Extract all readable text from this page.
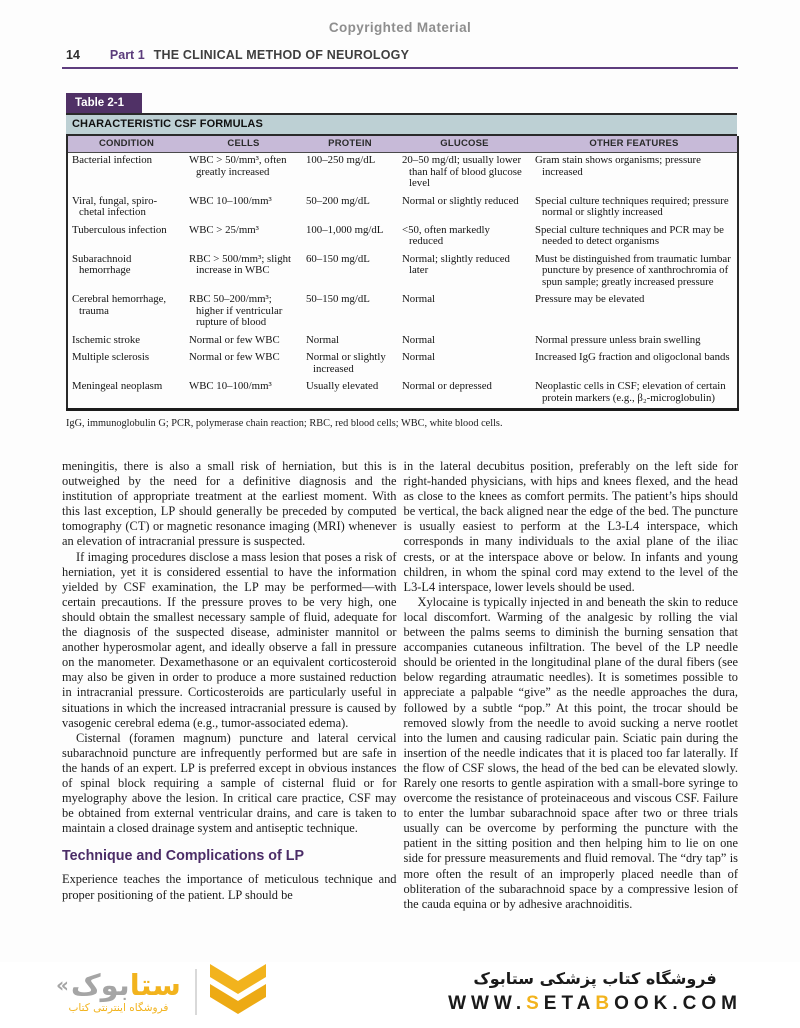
Copyrighted Material
14 Part 1 THE CLINICAL METHOD OF NEUROLOGY
Table 2-1
CHARACTERISTIC CSF FORMULAS
CONDITION	CELLS	PROTEIN	GLUCOSE	OTHER FEATURES

Bacterial infection	WBC > 50/mm³, often greatly increased	100–250 mg/dL	20–50 mg/dl; usually lower than half of blood glucose level	Gram stain shows organisms; pressure increased

Viral, fungal, spirochetal infection	WBC 10–100/mm³	50–200 mg/dL	Normal or slightly reduced	Special culture techniques required; pressure normal or slightly increased

Tuberculous infection	WBC > 25/mm³	100–1,000 mg/dL	<50, often markedly reduced	Special culture techniques and PCR may be needed to detect organisms

Subarachnoid hemorrhage	RBC > 500/mm³; slight increase in WBC	60–150 mg/dL	Normal; slightly reduced later	Must be distinguished from traumatic lumbar puncture by presence of xanthrochromia of spun sample; greatly increased pressure

Cerebral hemorrhage, trauma	RBC 50–200/mm³; higher if ventricular rupture of blood	50–150 mg/dL	Normal	Pressure may be elevated

Ischemic stroke	Normal or few WBC	Normal	Normal	Normal pressure unless brain swelling

Multiple sclerosis	Normal or few WBC	Normal or slightly increased	Normal	Increased IgG fraction and oligoclonal bands

Meningeal neoplasm	WBC 10–100/mm³	Usually elevated	Normal or depressed	Neoplastic cells in CSF; elevation of certain protein markers (e.g., β₂-microglobulin)
IgG, immunoglobulin G; PCR, polymerase chain reaction; RBC, red blood cells; WBC, white blood cells.

meningitis, there is also a small risk of herniation, but this is outweighed by the need for a definitive diagnosis and the institution of appropriate treatment at the earliest moment. With this last exception, LP should generally be preceded by computed tomography (CT) or magnetic resonance imaging (MRI) whenever an elevation of intracranial pressure is suspected.

If imaging procedures disclose a mass lesion that poses a risk of herniation, yet it is considered essential to have the information yielded by CSF examination, the LP may be performed—with certain precautions. If the pressure proves to be very high, one should obtain the smallest necessary sample of fluid, adequate for the diagnosis of the suspected disease, administer mannitol or another hyperosmolar agent, and ideally observe a fall in pressure on the manometer. Dexamethasone or an equivalent corticosteroid may also be given in order to produce a more sustained reduction in intracranial pressure. Corticosteroids are particularly useful in situations in which the increased intracranial pressure is caused by vasogenic cerebral edema (e.g., tumor-associated edema).

Cisternal (foramen magnum) puncture and lateral cervical subarachnoid puncture are infrequently performed but are safe in the hands of an expert. LP is preferred except in obvious instances of spinal block requiring a sample of cisternal fluid or for myelography above the lesion. In critical care practice, CSF may be obtained from external ventricular drains, and care is taken to maintain a closed drainage system and antiseptic technique.

Technique and Complications of LP

Experience teaches the importance of meticulous technique and proper positioning of the patient. LP should be

in the lateral decubitus position, preferably on the left side for right-handed physicians, with hips and knees flexed, and the head as close to the knees as comfort permits. The patient’s hips should be vertical, the back aligned near the edge of the bed. The puncture is usually easiest to perform at the L3-L4 interspace, which corresponds in many individuals to the axial plane of the iliac crests, or at the interspace above or below. In infants and young children, in whom the spinal cord may extend to the level of the L3-L4 interspace, lower levels should be used.

Xylocaine is typically injected in and beneath the skin to reduce local discomfort. Warming of the analgesic by rolling the vial between the palms seems to diminish the burning sensation that accompanies cutaneous infiltration. The bevel of the LP needle should be oriented in the longitudinal plane of the dural fibers (see below regarding atraumatic needles). It is sometimes possible to appreciate a palpable “give” as the needle approaches the dura, followed by a subtle “pop.” At this point, the trocar should be removed slowly from the needle to avoid sucking a nerve rootlet into the lumen and causing radicular pain. Sciatic pain during the insertion of the needle indicates that it is placed too far laterally. If the flow of CSF slows, the head of the bed can be elevated slowly. Rarely one resorts to gentle aspiration with a small-bore syringe to overcome the resistance of proteinaceous and viscous CSF. Failure to enter the lumbar subarachnoid space after two or three trials usually can be overcome by performing the puncture with the patient in the sitting position and then helping him to lie on one side for pressure measurements and fluid removal. The “dry tap” is more often the result of an improperly placed needle than of obliteration of the subarachnoid space by a compressive lesion of the cauda equina or by adhesive arachnoiditis.

« بوک ستا
فروشگاه اینترنتی کتاب
فروشگاه کتاب پزشکی ستابوک
WWW.SETABOOK.COM
